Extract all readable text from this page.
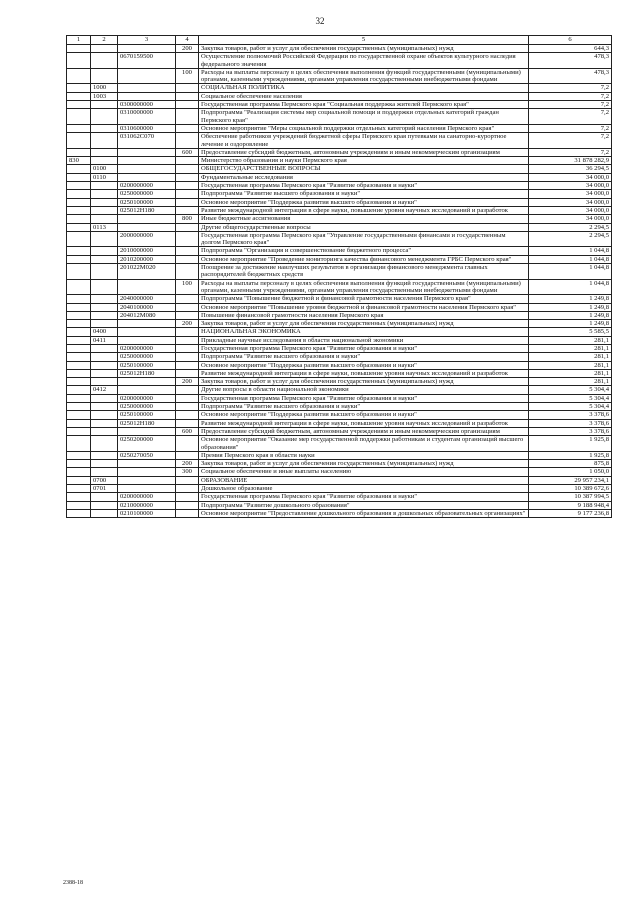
32
1	2	3	4	5	6
			200	Закупка товаров, работ и услуг для обеспечения государственных (муниципальных) нужд	644,3
		0670159500		Осуществление полномочий Российской Федерации по государственной охране объектов культурного наследия федерального значения	478,3
			100	Расходы на выплаты персоналу в целях обеспечения выполнения функций государственными (муниципальными) органами, казенными учреждениями, органами управления государственными внебюджетными фондами	478,3
	1000			СОЦИАЛЬНАЯ ПОЛИТИКА	7,2
	1003			Социальное обеспечение населения	7,2
		0300000000		Государственная программа Пермского края "Социальная поддержка жителей Пермского края"	7,2
		0310000000		Подпрограмма "Реализация системы мер социальной помощи и поддержки отдельных категорий граждан Пермского края"	7,2
		0310600000		Основное мероприятие "Меры социальной поддержки отдельных категорий населения Пермского края"	7,2
		031062С070		Обеспечение работников учреждений бюджетной сферы Пермского края путевками на санаторно-курортное лечение и оздоровление	7,2
			600	Предоставление субсидий бюджетным, автономным учреждениям и иным некоммерческим организациям	7,2
830				Министерство образования и науки Пермского края	31 878 282,9
	0100			ОБЩЕГОСУДАРСТВЕННЫЕ ВОПРОСЫ	36 294,5
	0110			Фундаментальные исследования	34 000,0
		0200000000		Государственная программа Пермского края "Развитие образования и науки"	34 000,0
		0250000000		Подпрограмма "Развитие высшего образования и науки"	34 000,0
		0250100000		Основное мероприятие "Поддержка развития высшего образования и науки"	34 000,0
		025012Н180		Развитие международной интеграции в сфере науки, повышение уровня научных исследований и разработок	34 000,0
			800	Иные бюджетные ассигнования	34 000,0
	0113			Другие общегосударственные вопросы	2 294,5
		2000000000		Государственная программа Пермского края "Управление государственными финансами и государственным долгом Пермского края"	2 294,5
		2010000000		Подпрограмма "Организация и совершенствование бюджетного процесса"	1 044,8
		2010200000		Основное мероприятие "Проведение мониторинга качества финансового менеджмента ГРБС Пермского края"	1 044,8
		201022М020		Поощрение за достижение наилучших результатов в организации финансового менеджмента главных распорядителей бюджетных средств	1 044,8
			100	Расходы на выплаты персоналу в целях обеспечения выполнения функций государственными (муниципальными) органами, казенными учреждениями, органами управления государственными внебюджетными фондами	1 044,8
		2040000000		Подпрограмма "Повышение бюджетной и финансовой грамотности населения Пермского края"	1 249,8
		2040100000		Основное мероприятие "Повышение уровня бюджетной и финансовой грамотности населения Пермского края"	1 249,8
		204012М080		Повышение финансовой грамотности населения Пермского края	1 249,8
			200	Закупка товаров, работ и услуг для обеспечения государственных (муниципальных) нужд	1 249,8
	0400			НАЦИОНАЛЬНАЯ ЭКОНОМИКА	5 585,5
	0411			Прикладные научные исследования в области национальной экономики	281,1
		0200000000		Государственная программа Пермского края "Развитие образования и науки"	281,1
		0250000000		Подпрограмма "Развитие высшего образования и науки"	281,1
		0250100000		Основное мероприятие "Поддержка развития высшего образования и науки"	281,1
		025012Н180		Развитие международной интеграции в сфере науки, повышение уровня научных исследований и разработок	281,1
			200	Закупка товаров, работ и услуг для обеспечения государственных (муниципальных) нужд	281,1
	0412			Другие вопросы в области национальной экономики	5 304,4
		0200000000		Государственная программа Пермского края "Развитие образования и науки"	5 304,4
		0250000000		Подпрограмма "Развитие высшего образования и науки"	5 304,4
		0250100000		Основное мероприятие "Поддержка развития высшего образования и науки"	3 378,6
		025012Н180		Развитие международной интеграции в сфере науки, повышение уровня научных исследований и разработок	3 378,6
			600	Предоставление субсидий бюджетным, автономным учреждениям и иным некоммерческим организациям	3 378,6
		0250200000		Основное мероприятие "Оказание мер государственной поддержки работникам и студентам организаций высшего образования"	1 925,8
		0250270050		Премия Пермского края в области науки	1 925,8
			200	Закупка товаров, работ и услуг для обеспечения государственных (муниципальных) нужд	875,8
			300	Социальное обеспечение и иные выплаты населению	1 050,0
	0700			ОБРАЗОВАНИЕ	29 957 234,1
	0701			Дошкольное образование	10 389 672,6
		0200000000		Государственная программа Пермского края "Развитие образования и науки"	10 387 994,5
		0210000000		Подпрограмма "Развитие дошкольного образования"	9 188 948,4
		0210100000		Основное мероприятие "Предоставление дошкольного образования в дошкольных образовательных организациях"	9 177 236,8
2388-18
